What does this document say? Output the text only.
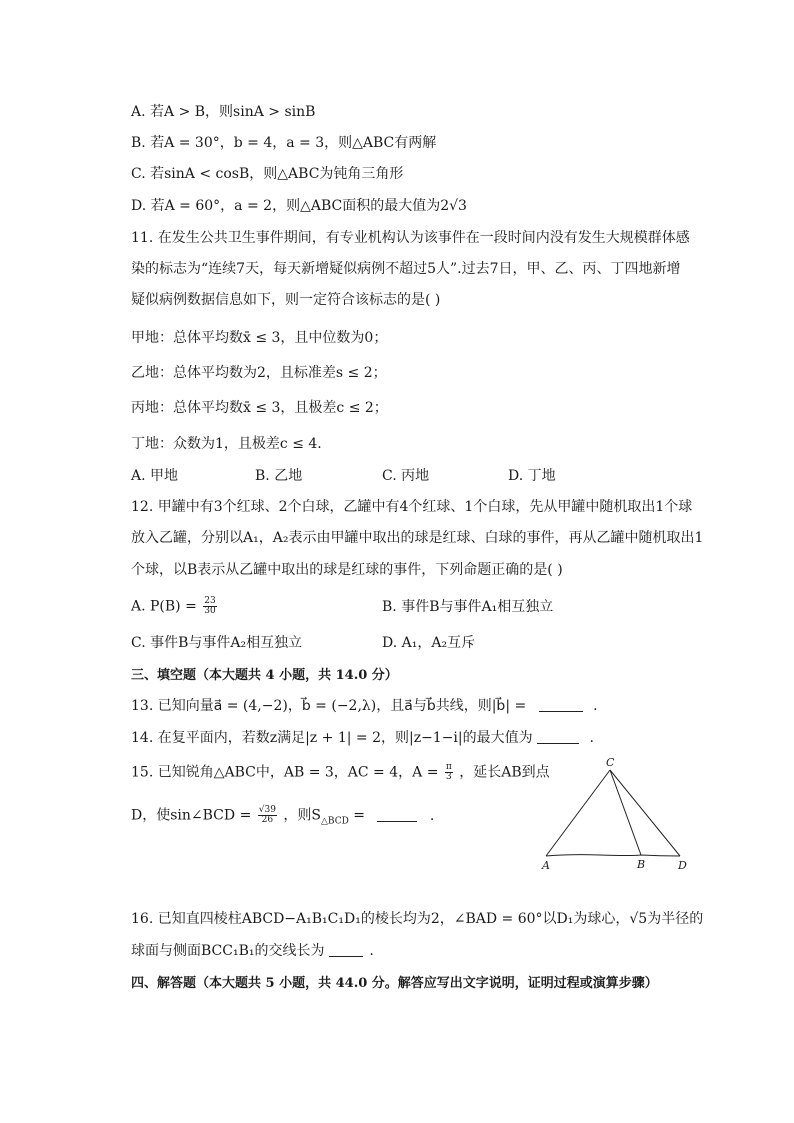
A. 若A > B，则sinA > sinB
B. 若A = 30°，b = 4，a = 3，则△ABC有两解
C. 若sinA < cosB，则△ABC为钝角三角形
D. 若A = 60°，a = 2，则△ABC面积的最大值为2√3
11. 在发生公共卫生事件期间，有专业机构认为该事件在一段时间内没有发生大规模群体感
染的标志为“连续7天，每天新增疑似病例不超过5人”.过去7日，甲、乙、丙、丁四地新增
疑似病例数据信息如下，则一定符合该标志的是( )
甲地：总体平均数x̄ ≤ 3，且中位数为0；
乙地：总体平均数为2，且标准差s ≤ 2；
丙地：总体平均数x̄ ≤ 3，且极差c ≤ 2；
丁地：众数为1，且极差c ≤ 4.
A. 甲地	B. 乙地	C. 丙地	D. 丁地
12. 甲罐中有3个红球、2个白球，乙罐中有4个红球、1个白球，先从甲罐中随机取出1个球
放入乙罐，分别以A₁，A₂表示由甲罐中取出的球是红球、白球的事件，再从乙罐中随机取出1
个球，以B表示从乙罐中取出的球是红球的事件，下列命题正确的是( )
A. $P(B) = \frac{23}{30}$	B. 事件B与事件A₁相互独立
C. 事件B与事件A₂相互独立	D. A₁，A₂互斥
三、填空题（本大题共 4 小题，共 14.0 分）
13. 已知向量a⃗ = (4,−2)，b⃗ = (−2,λ)，且a⃗与b⃗共线，则|b⃗| =	.
14. 在复平面内，若数z满足|z + 1| = 2，则|z−1−i|的最大值为	.
15. 已知锐角△ABC中，AB = 3，AC = 4，$A = \frac{\pi}{3}$ ，延长AB到点
D，使sin∠BCD = $\frac{√39}{26}$ ，则$S_{\triangle BCD}$ =	.
C
A	B	D
16. 已知直四棱柱ABCD−A₁B₁C₁D₁的棱长均为2，∠BAD = 60°以D₁为球心，√5为半径的
球面与侧面BCC₁B₁的交线长为	.
四、解答题（本大题共 5 小题，共 44.0 分。解答应写出文字说明，证明过程或演算步骤）
